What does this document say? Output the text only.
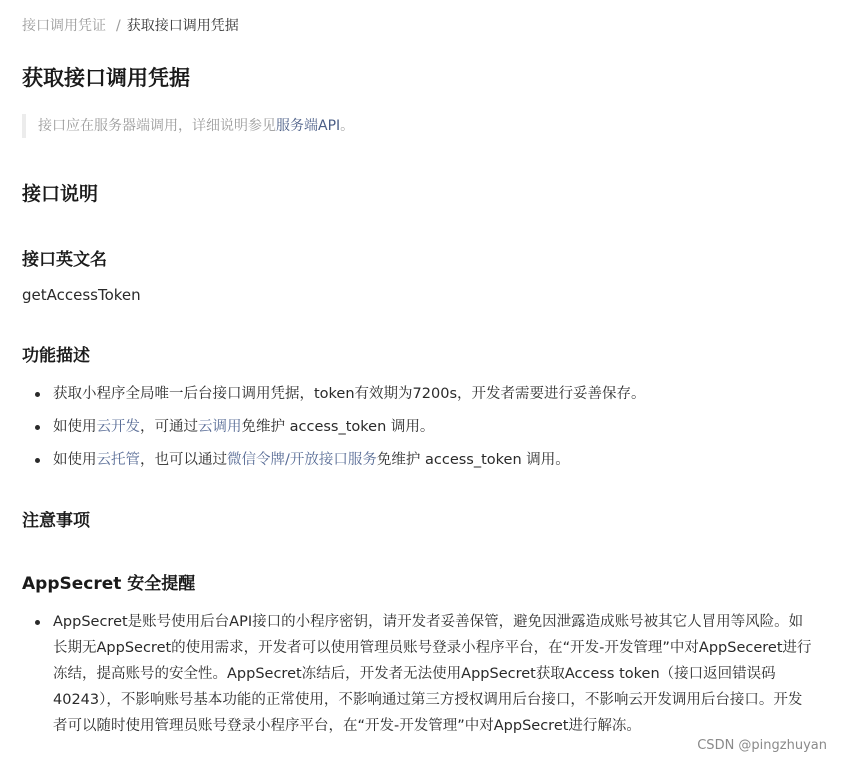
接口调用凭证 / 获取接口调用凭据
获取接口调用凭据
接口应在服务器端调用，详细说明参见服务端API。
接口说明
接口英文名

getAccessToken

功能描述
获取小程序全局唯一后台接口调用凭据，token有效期为7200s，开发者需要进行妥善保存。
如使用云开发，可通过云调用免维护 access_token 调用。
如使用云托管，也可以通过微信令牌/开放接口服务免维护 access_token 调用。
注意事项
AppSecret 安全提醒
AppSecret是账号使用后台API接口的小程序密钥，请开发者妥善保管，避免因泄露造成账号被其它人冒用等风险。如长期无AppSecret的使用需求，开发者可以使用管理员账号登录小程序平台，在“开发-开发管理”中对AppSeceret进行冻结，提高账号的安全性。AppSecret冻结后，开发者无法使用AppSecret获取Access token（接口返回错误码40243），不影响账号基本功能的正常使用，不影响通过第三方授权调用后台接口，不影响云开发调用后台接口。开发者可以随时使用管理员账号登录小程序平台，在“开发-开发管理”中对AppSecret进行解冻。
CSDN @pingzhuyan
